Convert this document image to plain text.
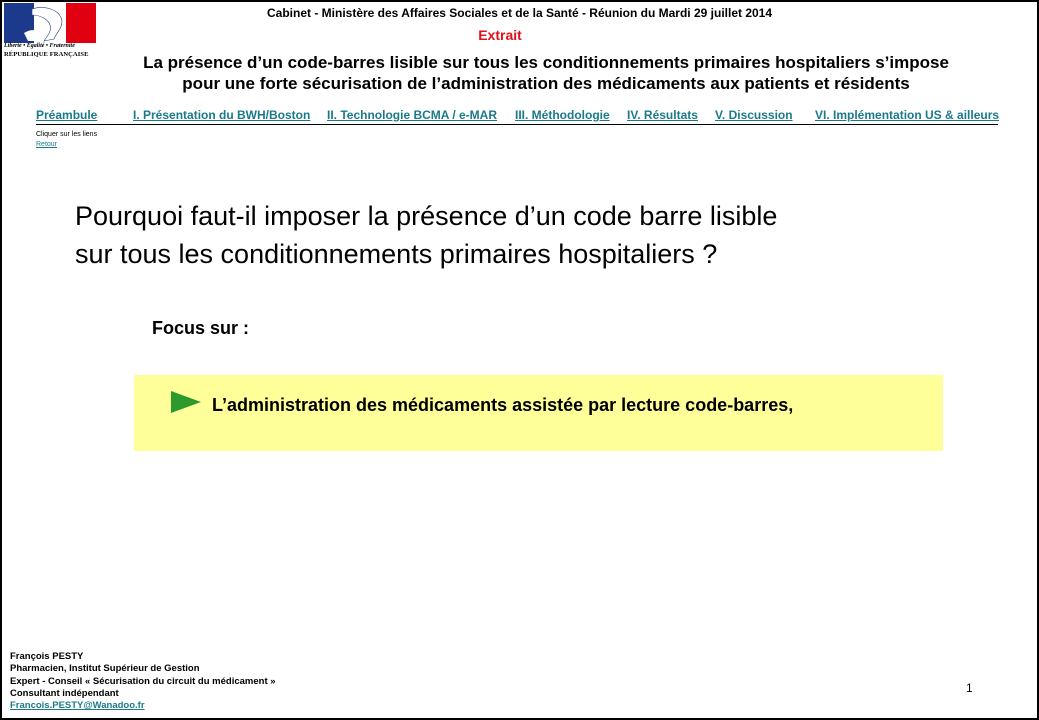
Liberté • Égalité • Fraternité
RÉPUBLIQUE FRANÇAISE
Cabinet - Ministère des Affaires Sociales et de la Santé - Réunion du Mardi 29 juillet 2014
Extrait
La présence d’un code-barres lisible sur tous les conditionnements primaires hospitaliers s’impose
pour une forte sécurisation de l’administration des médicaments aux patients et résidents
Préambule	I. Présentation du BWH/Boston II. Technologie BCMA / e-MAR III. Méthodologie IV. Résultats V. Discussion VI. Implémentation US & ailleurs
Cliquer sur les liens
Retour
Pourquoi faut-il imposer la présence d’un code barre lisible
sur tous les conditionnements primaires hospitaliers ?
Focus sur :
L’administration des médicaments assistée par lecture code-barres,
François PESTY
Pharmacien, Institut Supérieur de Gestion
Expert - Conseil « Sécurisation du circuit du médicament »
Consultant indépendant
Francois.PESTY@Wanadoo.fr
1
